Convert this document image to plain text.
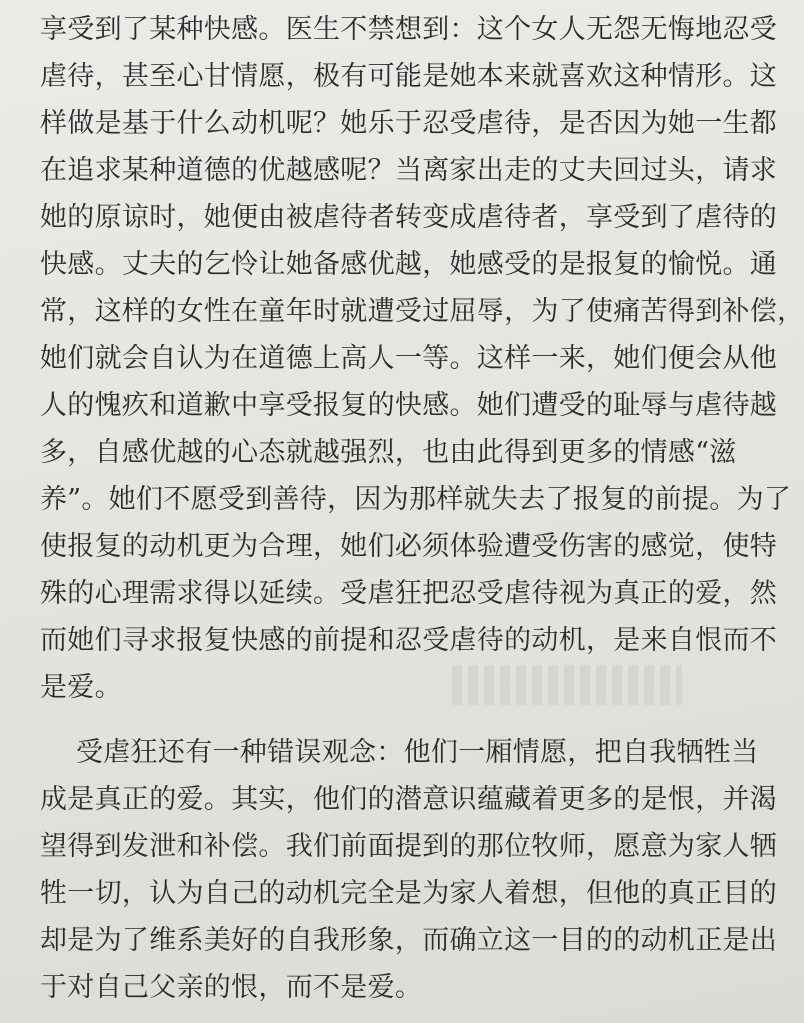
享受到了某种快感。医生不禁想到：这个女人无怨无悔地忍受
虐待，甚至心甘情愿，极有可能是她本来就喜欢这种情形。这
样做是基于什么动机呢？她乐于忍受虐待，是否因为她一生都
在追求某种道德的优越感呢？当离家出走的丈夫回过头，请求
她的原谅时，她便由被虐待者转变成虐待者，享受到了虐待的
快感。丈夫的乞怜让她备感优越，她感受的是报复的愉悦。通
常，这样的女性在童年时就遭受过屈辱，为了使痛苦得到补偿，
她们就会自认为在道德上高人一等。这样一来，她们便会从他
人的愧疚和道歉中享受报复的快感。她们遭受的耻辱与虐待越
多，自感优越的心态就越强烈，也由此得到更多的情感“滋
养”。她们不愿受到善待，因为那样就失去了报复的前提。为了
使报复的动机更为合理，她们必须体验遭受伤害的感觉，使特
殊的心理需求得以延续。受虐狂把忍受虐待视为真正的爱，然
而她们寻求报复快感的前提和忍受虐待的动机，是来自恨而不
是爱。
受虐狂还有一种错误观念：他们一厢情愿，把自我牺牲当
成是真正的爱。其实，他们的潜意识蕴藏着更多的是恨，并渴
望得到发泄和补偿。我们前面提到的那位牧师，愿意为家人牺
牲一切，认为自己的动机完全是为家人着想，但他的真正目的
却是为了维系美好的自我形象，而确立这一目的的动机正是出
于对自己父亲的恨，而不是爱。
